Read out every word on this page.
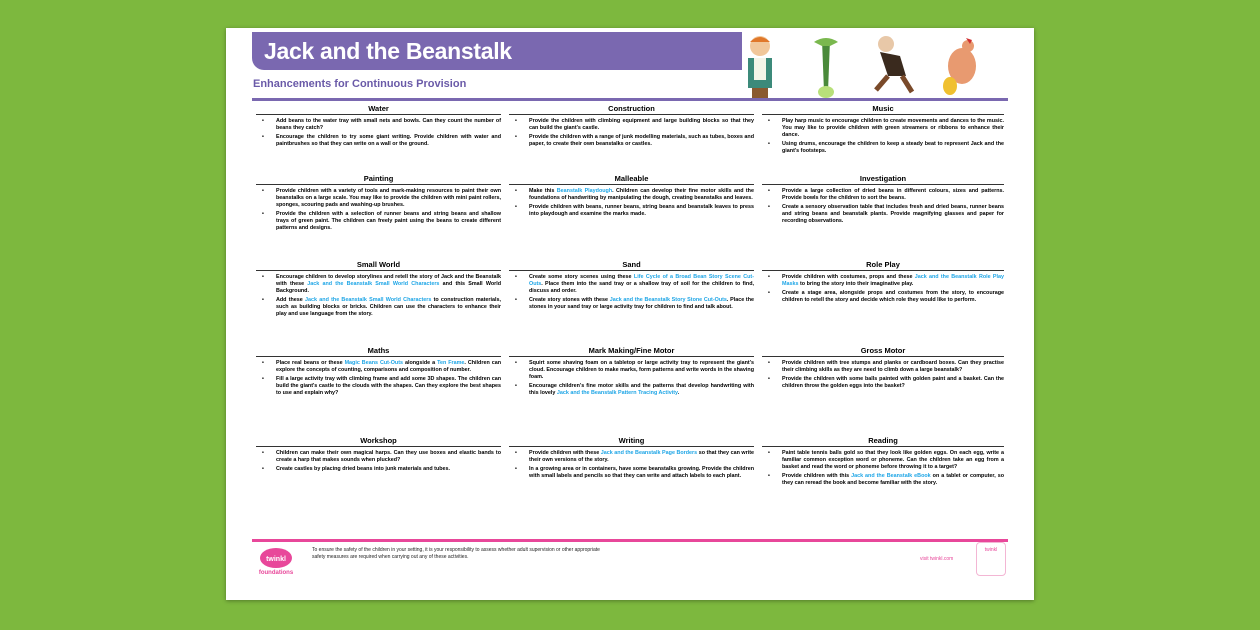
Jack and the Beanstalk
Enhancements for Continuous Provision
Water
• Add beans to the water tray with small nets and bowls. Can they count the number of beans they catch?
• Encourage the children to try some giant writing. Provide children with water and paintbrushes so that they can write on a wall or the ground.
Construction
• Provide the children with climbing equipment and large building blocks so that they can build the giant's castle.
• Provide the children with a range of junk modelling materials, such as tubes, boxes and paper, to create their own beanstalks or castles.
Music
• Play harp music to encourage children to create movements and dances to the music. You may like to provide children with green streamers or ribbons to enhance their dance.
• Using drums, encourage the children to keep a steady beat to represent Jack and the giant's footsteps.
Painting
• Provide children with a variety of tools and mark-making resources to paint their own beanstalks on a large scale. You may like to provide the children with mini paint rollers, sponges, scouring pads and washing-up brushes.
• Provide the children with a selection of runner beans and string beans and shallow trays of green paint. The children can freely paint using the beans to create different patterns and designs.
Malleable
• Make this Beanstalk Playdough. Children can develop their fine motor skills and the foundations of handwriting by manipulating the dough, creating beanstalks and leaves.
• Provide children with beans, runner beans, string beans and beanstalk leaves to press into playdough and examine the marks made.
Investigation
• Provide a large collection of dried beans in different colours, sizes and patterns. Provide bowls for the children to sort the beans.
• Create a sensory observation table that includes fresh and dried beans, runner beans and string beans and beanstalk plants. Provide magnifying glasses and paper for recording observations.
Small World
• Encourage children to develop storylines and retell the story of Jack and the Beanstalk with these Jack and the Beanstalk Small World Characters and this Small World Background.
• Add these Jack and the Beanstalk Small World Characters to construction materials, such as building blocks or bricks. Children can use the characters to enhance their play and use language from the story.
Sand
• Create some story scenes using these Life Cycle of a Broad Bean Story Scene Cut-Outs. Place them into the sand tray or a shallow tray of soil for the children to find, discuss and order.
• Create story stones with these Jack and the Beanstalk Story Stone Cut-Outs. Place the stones in your sand tray or large activity tray for children to find and talk about.
Role Play
• Provide children with costumes, props and these Jack and the Beanstalk Role Play Masks to bring the story into their imaginative play.
• Create a stage area, alongside props and costumes from the story, to encourage children to retell the story and decide which role they would like to perform.
Maths
• Place real beans or these Magic Beans Cut-Outs alongside a Ten Frame. Children can explore the concepts of counting, comparisons and composition of number.
• Fill a large activity tray with climbing frame and add some 3D shapes. The children can build the giant's castle to the clouds with the shapes. Can they explore the best shapes to use and explain why?
Mark Making/Fine Motor
• Squirt some shaving foam on a tabletop or large activity tray to represent the giant's cloud. Encourage children to make marks, form patterns and write words in the shaving foam.
• Encourage children's fine motor skills and the patterns that develop handwriting with this lovely Jack and the Beanstalk Pattern Tracing Activity.
Gross Motor
• Provide children with tree stumps and planks or cardboard boxes. Can they practise their climbing skills as they are need to climb down a large beanstalk?
• Provide the children with some balls painted with golden paint and a basket. Can the children throw the golden eggs into the basket?
Workshop
• Children can make their own magical harps. Can they use boxes and elastic bands to create a harp that makes sounds when plucked?
• Create castles by placing dried beans into junk materials and tubes.
Writing
• Provide children with these Jack and the Beanstalk Page Borders so that they can write their own versions of the story.
• In a growing area or in containers, have some beanstalks growing. Provide the children with small labels and pencils so that they can write and attach labels to each plant.
Reading
• Paint table tennis balls gold so that they look like golden eggs. On each egg, write a familiar common exception word or phoneme. Can the children take an egg from a basket and read the word or phoneme before throwing it to a target?
• Provide children with this Jack and the Beanstalk eBook on a tablet or computer, so they can reread the book and become familiar with the story.
twinkl
foundations
To ensure the safety of the children in your setting, it is your responsibility to assess whether adult supervision or other appropriate safety measures are required when carrying out any of these activities.	visit twinkl.com
twinkl
